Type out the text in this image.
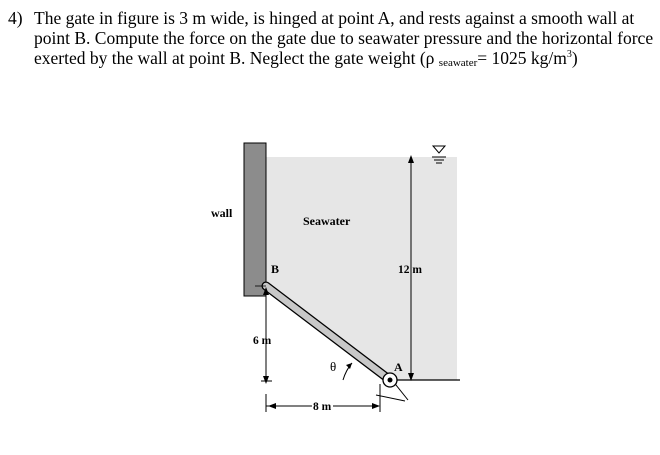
4) The gate in figure is 3 m wide, is hinged at point A, and rests against a smooth wall at
point B. Compute the force on the gate due to seawater pressure and the horizontal force
exerted by the wall at point B. Neglect the gate weight (ρ seawater= 1025 $kg/m^3$)
12 m
6 m
8 m
θ
wall
Seawater
B
A
